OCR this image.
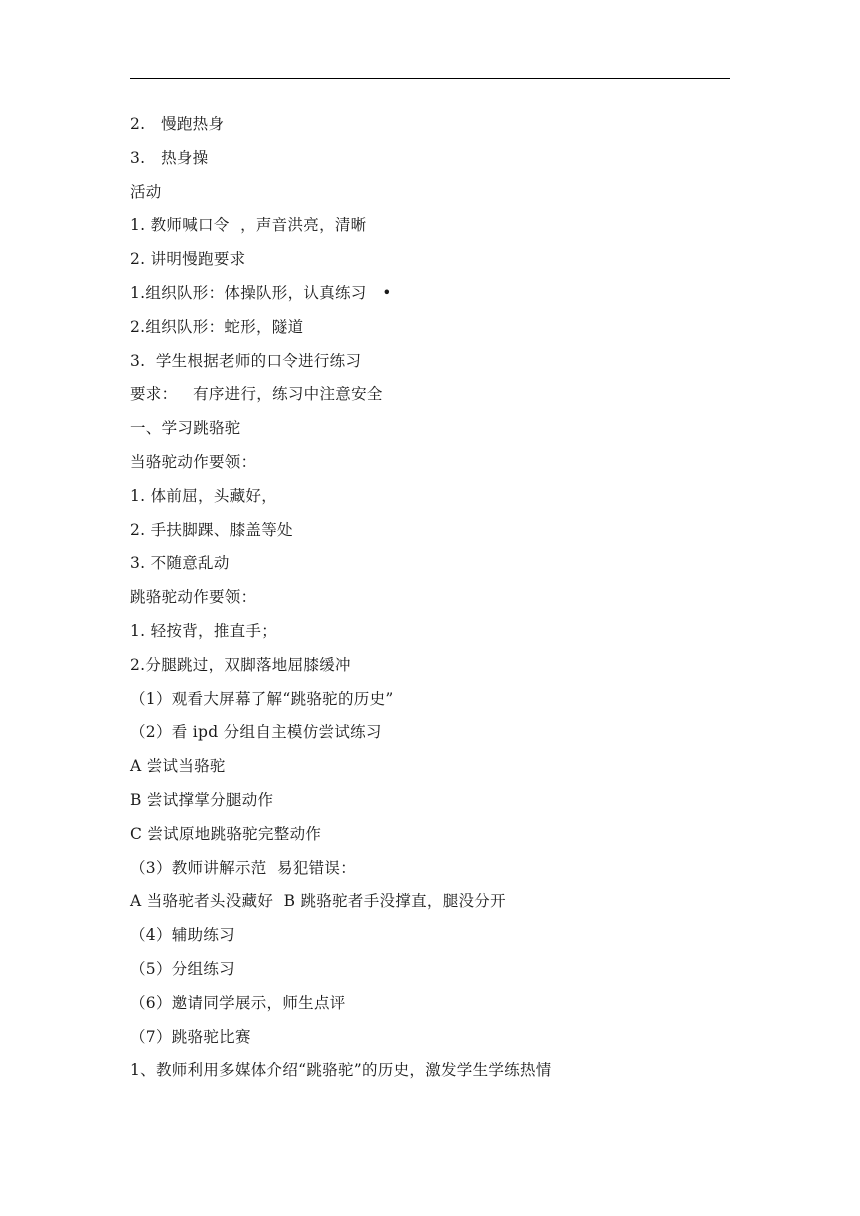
2.   慢跑热身
3.   热身操
活动
1. 教师喊口令  ，声音洪亮，清晰
2. 讲明慢跑要求
1.组织队形：体操队形，认真练习   •
2.组织队形：蛇形，隧道
3.  学生根据老师的口令进行练习
要求：   有序进行，练习中注意安全
一、学习跳骆驼
当骆驼动作要领：
1. 体前屈，头藏好，
2. 手扶脚踝、膝盖等处
3. 不随意乱动
跳骆驼动作要领：
1. 轻按背，推直手；
2.分腿跳过，双脚落地屈膝缓冲
（1）观看大屏幕了解“跳骆驼的历史”
（2）看 ipd 分组自主模仿尝试练习
A 尝试当骆驼
B 尝试撑掌分腿动作
C 尝试原地跳骆驼完整动作
（3）教师讲解示范  易犯错误：
A 当骆驼者头没藏好  B 跳骆驼者手没撑直，腿没分开
（4）辅助练习
（5）分组练习
（6）邀请同学展示，师生点评
（7）跳骆驼比赛
1、教师利用多媒体介绍“跳骆驼”的历史，激发学生学练热情
